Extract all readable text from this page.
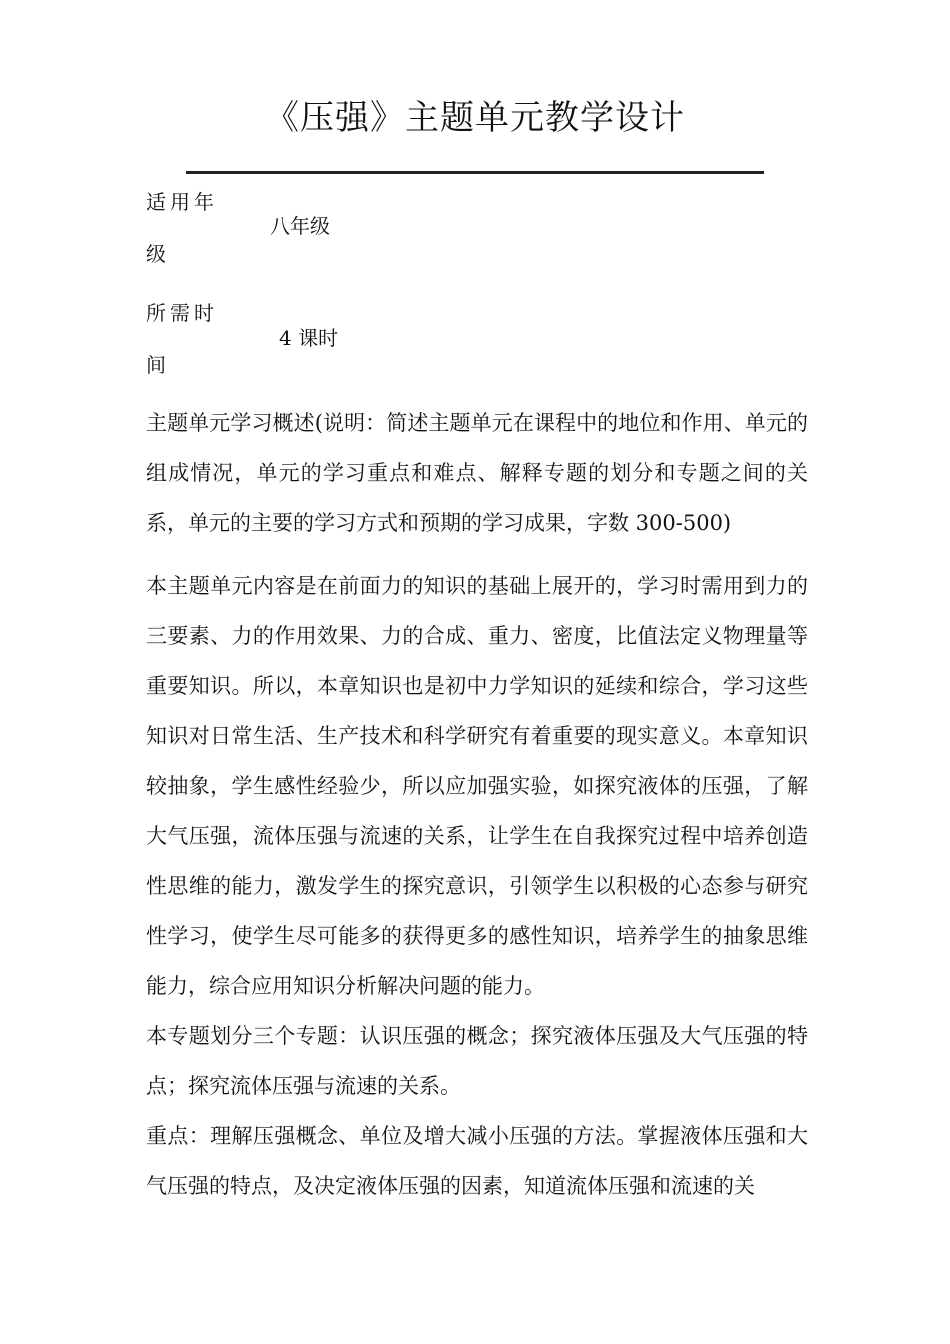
《压强》主题单元教学设计
适用年级
八年级
所需时间
4 课时
主题单元学习概述(说明：简述主题单元在课程中的地位和作用、单元的组成情况，单元的学习重点和难点、解释专题的划分和专题之间的关系，单元的主要的学习方式和预期的学习成果，字数 300-500)
本主题单元内容是在前面力的知识的基础上展开的，学习时需用到力的三要素、力的作用效果、力的合成、重力、密度，比值法定义物理量等重要知识。所以，本章知识也是初中力学知识的延续和综合，学习这些知识对日常生活、生产技术和科学研究有着重要的现实意义。本章知识较抽象，学生感性经验少，所以应加强实验，如探究液体的压强，了解大气压强，流体压强与流速的关系，让学生在自我探究过程中培养创造性思维的能力，激发学生的探究意识，引领学生以积极的心态参与研究性学习，使学生尽可能多的获得更多的感性知识，培养学生的抽象思维能力，综合应用知识分析解决问题的能力。
本专题划分三个专题：认识压强的概念；探究液体压强及大气压强的特点；探究流体压强与流速的关系。
重点：理解压强概念、单位及增大减小压强的方法。掌握液体压强和大气压强的特点，及决定液体压强的因素，知道流体压强和流速的关
